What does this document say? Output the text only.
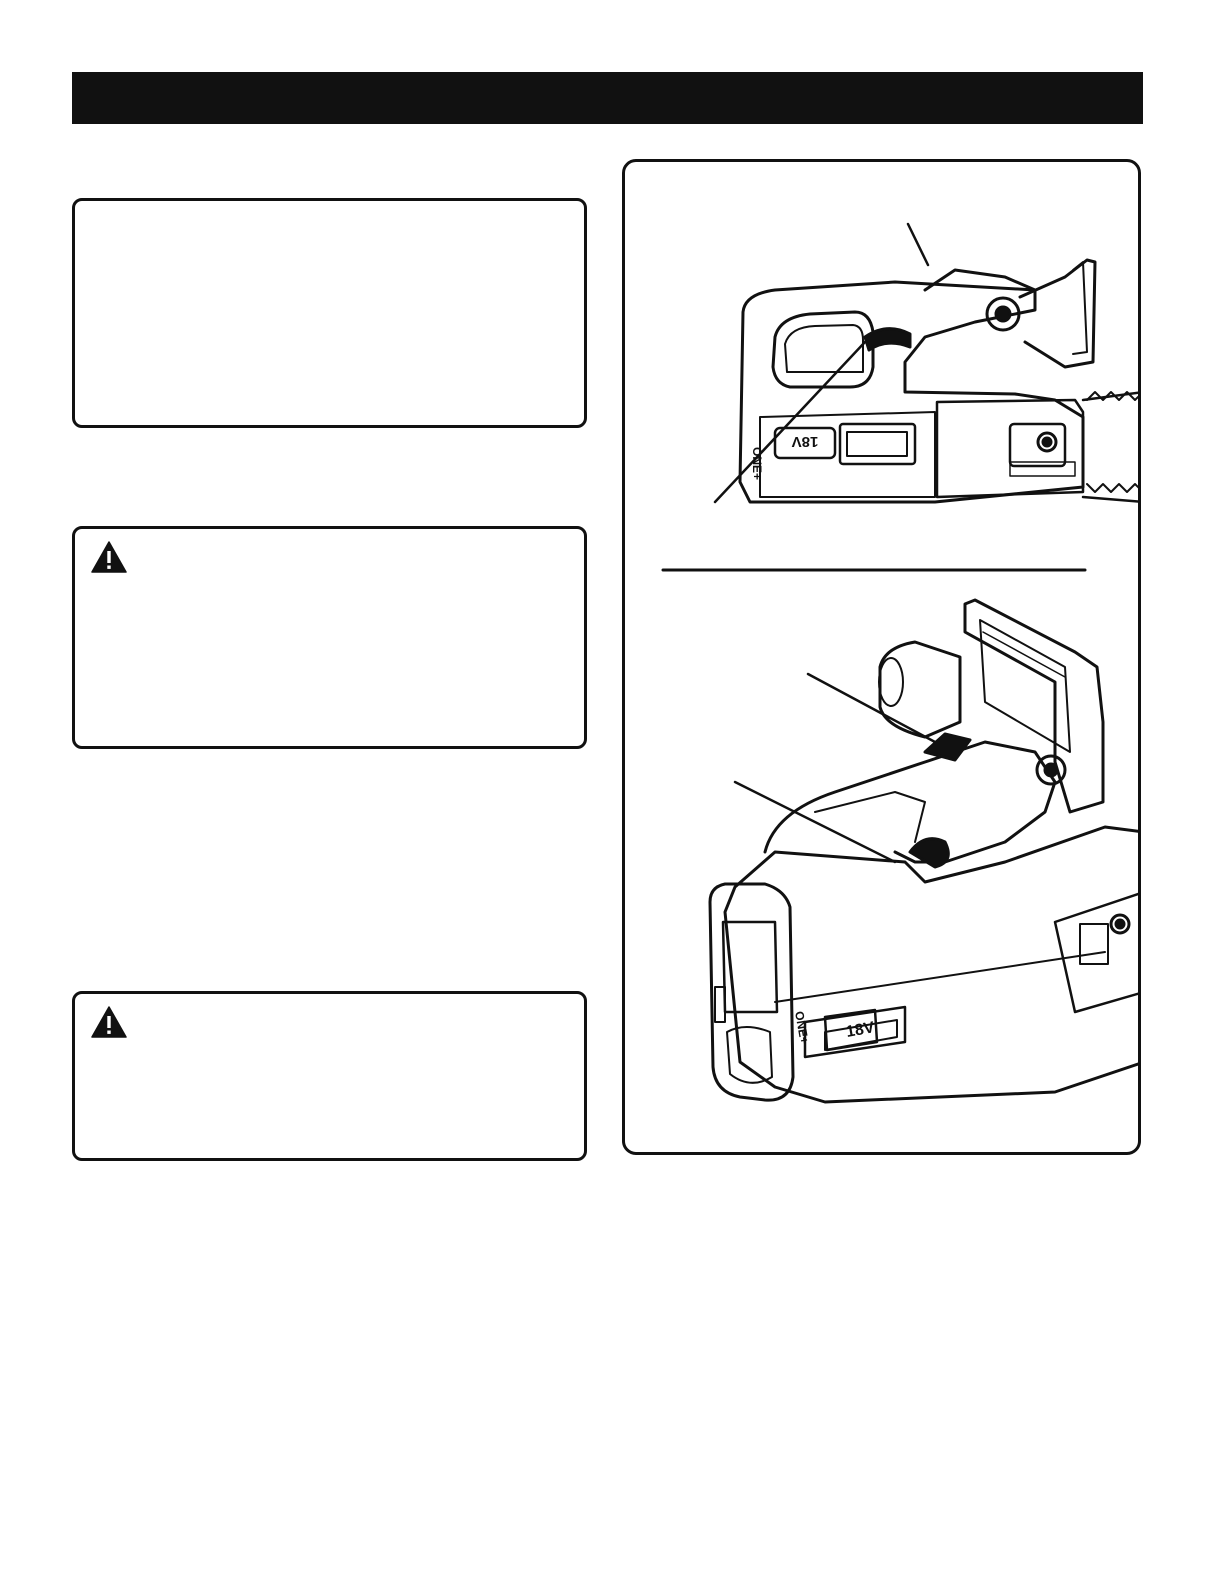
18V
ONE+
18V
ONE+
